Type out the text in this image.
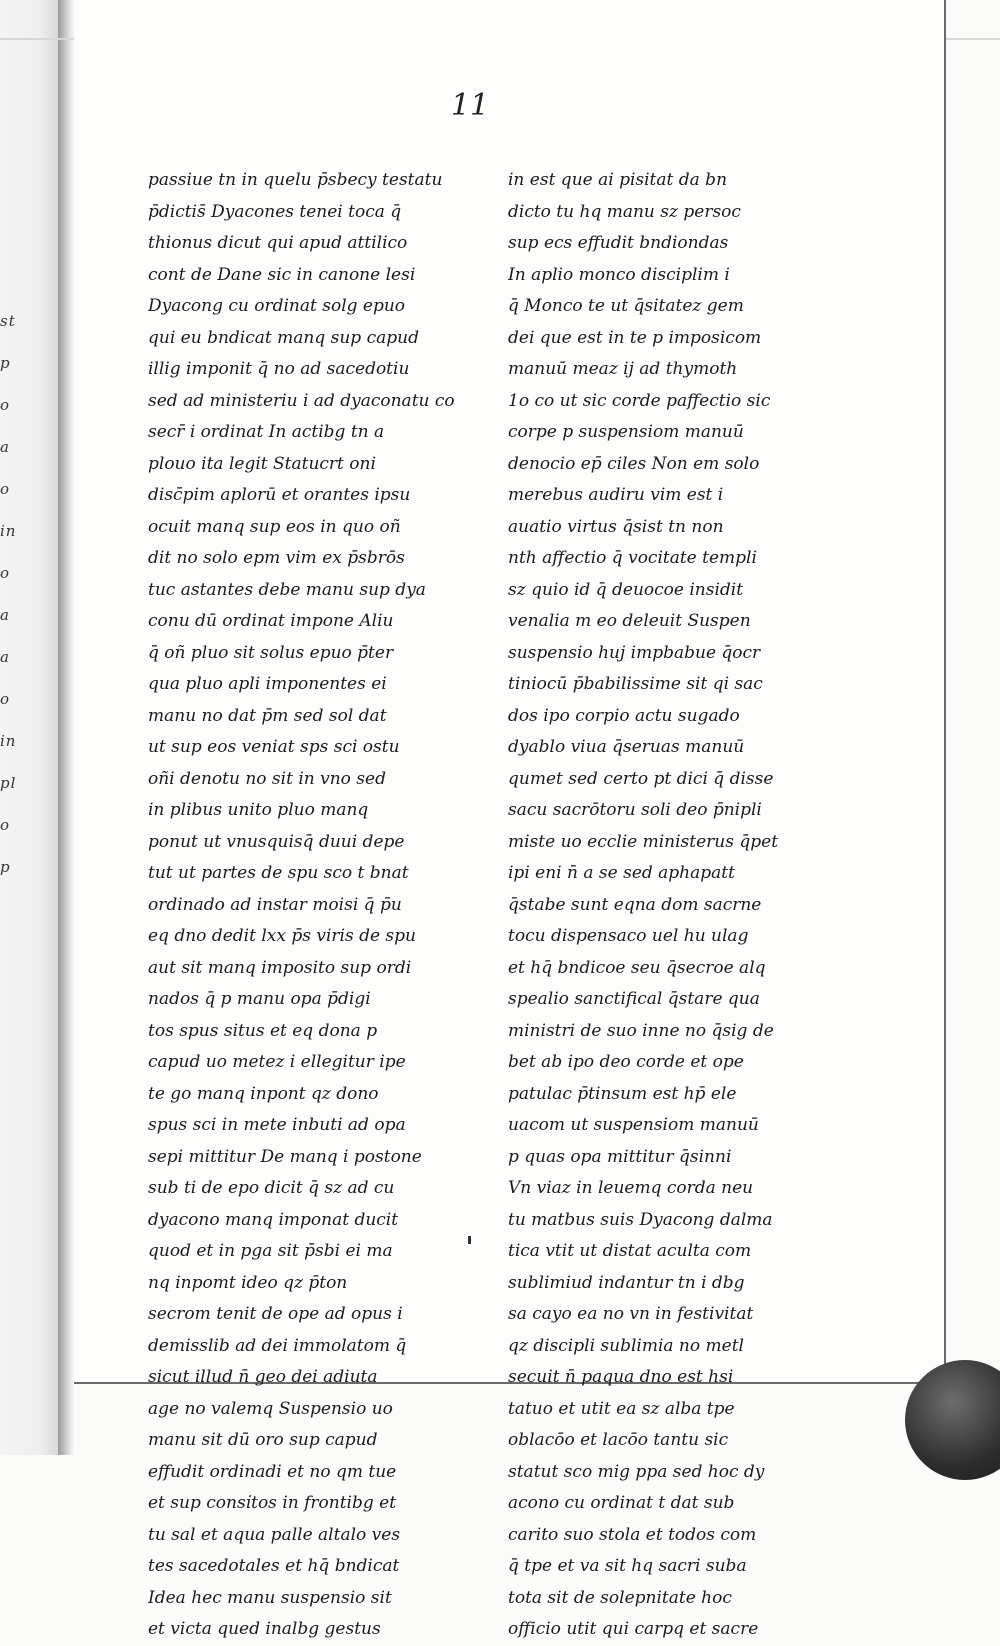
st
p
o
a
o
in
o
a
a
o
in
pl
o
p
11
passiue tn in quelu p̄sbecy testatu
p̄dictis̄ Dyacones tenei toca q̄
thionus dicut qui apud attilico
cont de Dane sic in canone lesi
Dyacong cu ordinat solg epuo
qui eu bndicat manq sup capud
illig imponit q̄ no ad sacedotiu
sed ad ministeriu i ad dyaconatu co
secr̄ i ordinat In actibg tn a
plouo ita legit Statucrt oni
disc̄pim aplorū et orantes ipsu
ocuit manq sup eos in quo oñ
dit no solo epm vim ex p̄sbrōs
tuc astantes debe manu sup dya
conu dū ordinat impone Aliu
q̄ oñ pluo sit solus epuo p̄ter
qua pluo apli imponentes ei
manu no dat p̄m sed sol dat
ut sup eos veniat sps sci ostu
oñi denotu no sit in vno sed
in plibus unito pluo manq
ponut ut vnusquisq̄ duui depe
tut ut partes de spu sco t bnat
ordinado ad instar moisi q̄ p̄u
eq dno dedit lxx p̄s viris de spu
aut sit manq imposito sup ordi
nados q̄ p manu opa p̄digi
tos spus situs et eq dona p
capud uo metez i ellegitur ipe
te go manq inpont qz dono
spus sci in mete inbuti ad opa
sepi mittitur De manq i postone
sub ti de epo dicit q̄ sz ad cu
dyacono manq imponat ducit
quod et in pga sit p̄sbi ei ma
nq inpomt ideo qz p̄ton
secrom tenit de ope ad opus i
demisslib ad dei immolatom q̄
sicut illud n̄ geo dei adiuta
age no valemq Suspensio uo
manu sit dū oro sup capud
effudit ordinadi et no qm tue
et sup consi̇tos in frontibg et
tu sal et aqua palle altalo ves
tes sacedotales et hq̄ bndicat
Idea hec manu suspensio sit
et victa qued inalbg gestus
in est que ai pisitat da bn
dicto tu hq manu sz persoc
sup ecs effudit bndiondas
In aplio monco disciplim i
q̄ Monco te ut q̄sitatez gem
dei que est in te p imposicom
manuū meaz ij ad thymoth
1o co ut sic corde paffectio sic
corpe p suspensiom manuū
denocio ep̄ ciles Non em solo
merebus audiru vim est i
auatio virtus q̄sist tn non
nth affectio q̄ vocitate templi
sz quio id q̄ deuocoe insidit
venalia m eo deleuit Suspen
suspensio huj impbabue q̄ocr
tiniocū p̄babilissime sit qi sac
dos ipo corpio actu sugado
dyablo viua q̄seruas manuū
qumet sed certo pt dici q̄ disse
sacu sacrōtoru soli deo p̄nipli
miste uo ecclie ministerus q̄pet
ipi eni n̄ a se sed aphapatt
q̄stabe sunt eqna dom sacrne
tocu dispensaco uel hu ulag
et hq̄ bndicoe seu q̄secroe alq
spealio sanctifical q̄stare qua
ministri de suo inne no q̄sig de
bet ab ipo deo corde et ope
patulac p̄tinsum est hp̄ ele
uacom ut suspensiom manuū
p quas opa mittitur q̄sinni
Vn viaz in leuemq corda neu
tu matbus suis Dyacong dalma
tica vtit ut distat aculta com
sublimiud indantur tn i dbg
sa cayo ea no vn in festivitat
qz discipli sublimia no metl
secuit n̄ paqua dno est hsi
tatuo et utit ea sz alba tpe
oblacōo et lacōo tantu sic
statut sco mig ppa sed hoc dy
acono cu ordinat t dat sub
carito suo stola et todos com
q̄ tpe et va sit hq sacri suba
tota sit de solepnitate hoc
officio utit qui carpq et sacre
